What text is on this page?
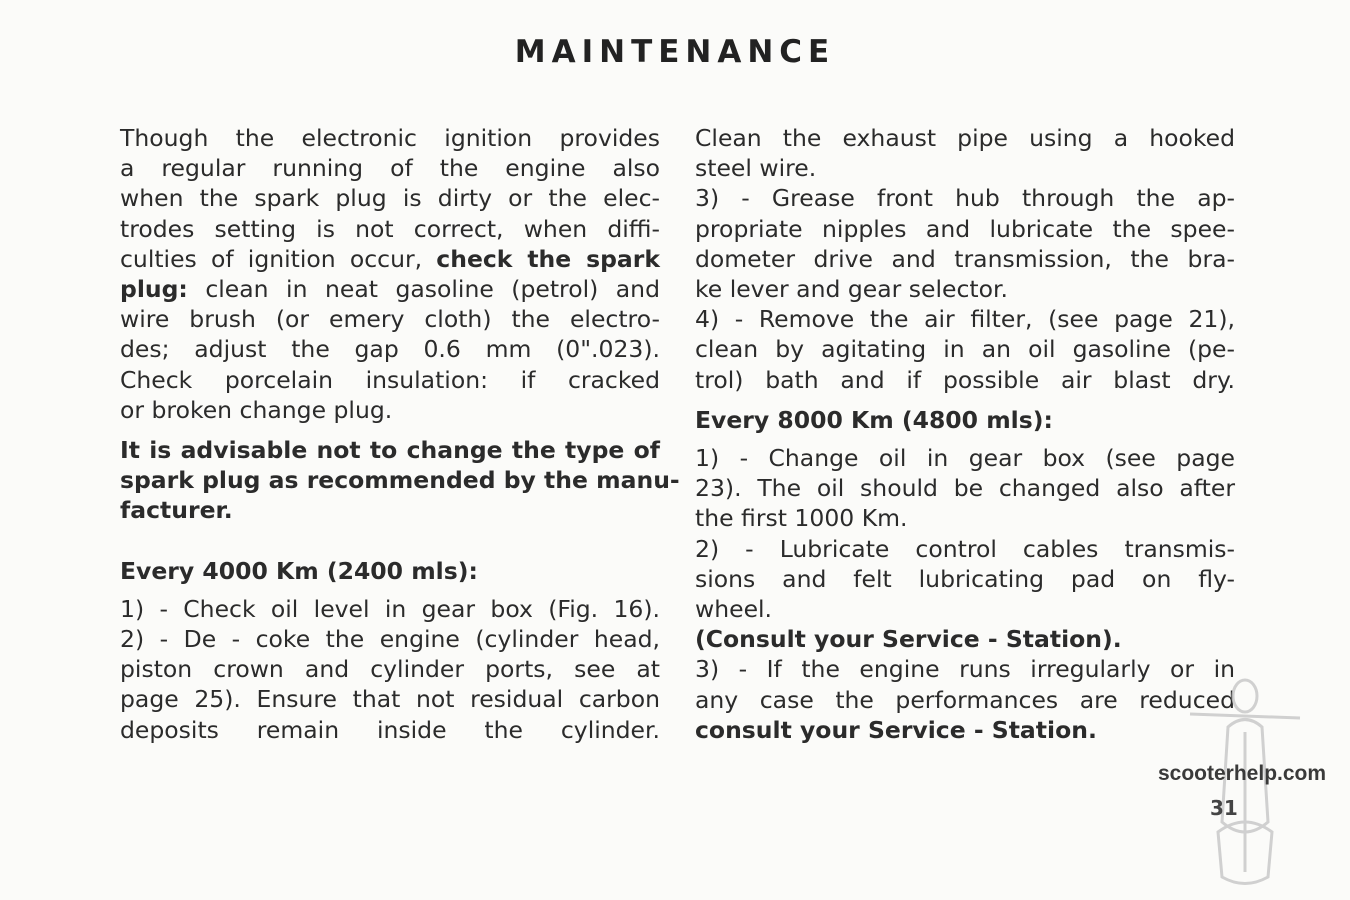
MAINTENANCE
Though the electronic ignition provides
a regular running of the engine also
when the spark plug is dirty or the elec-
trodes setting is not correct, when diffi-
culties of ignition occur, check the spark
plug: clean in neat gasoline (petrol) and
wire brush (or emery cloth) the electro-
des; adjust the gap 0.6 mm (0".023).
Check porcelain insulation: if cracked
or broken change plug.
It is advisable not to change the type of
spark plug as recommended by the manu-
facturer.
Every 4000 Km (2400 mls):
1) - Check oil level in gear box (Fig. 16).
2) - De - coke the engine (cylinder head,
piston crown and cylinder ports, see at
page 25). Ensure that not residual carbon
deposits remain inside the cylinder.
Clean the exhaust pipe using a hooked
steel wire.
3) - Grease front hub through the ap-
propriate nipples and lubricate the spee-
dometer drive and transmission, the bra-
ke lever and gear selector.
4) - Remove the air filter, (see page 21),
clean by agitating in an oil gasoline (pe-
trol) bath and if possible air blast dry.
Every 8000 Km (4800 mls):
1) - Change oil in gear box (see page
23). The oil should be changed also after
the first 1000 Km.
2) - Lubricate control cables transmis-
sions and felt lubricating pad on fly-
wheel.
(Consult your Service - Station).
3) - If the engine runs irregularly or in
any case the performances are reduced
consult your Service - Station.
scooterhelp.com
31
